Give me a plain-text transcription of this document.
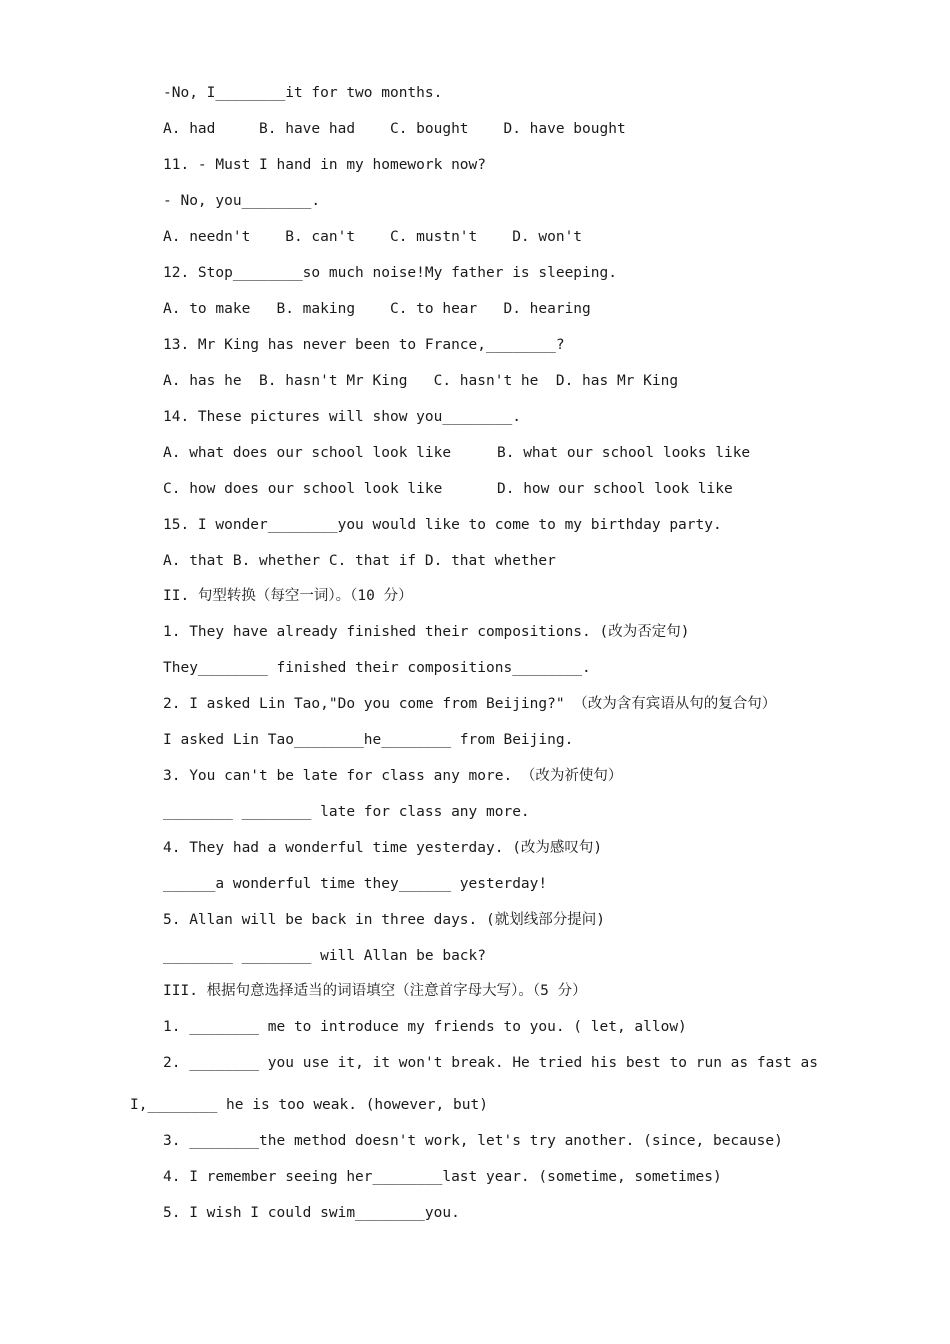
-No, I________it for two months.
A. had     B. have had    C. bought    D. have bought
11. - Must I hand in my homework now?
- No, you________.
A. needn't    B. can't    C. mustn't    D. won't
12. Stop________so much noise!My father is sleeping.
A. to make   B. making    C. to hear   D. hearing
13. Mr King has never been to France,________?
A. has he  B. hasn't Mr King   C. hasn't he  D. has Mr King
14. These pictures will show you________.
A. what does our school look like	B. what our school looks like
C. how does our school look like	D. how our school look like
15. I wonder________you would like to come to my birthday party.
A. that B. whether C. that if D. that whether
II. 句型转换（每空一词）。（10 分）
1. They have already finished their compositions. (改为否定句)
They________ finished their compositions________.
2. I asked Lin Tao,"Do you come from Beijing?" （改为含有宾语从句的复合句）
I asked Lin Tao________he________ from Beijing.
3. You can't be late for class any more. （改为祈使句）
________ ________ late for class any more.
4. They had a wonderful time yesterday. (改为感叹句)
______a wonderful time they______ yesterday!
5. Allan will be back in three days. (就划线部分提问)
________ ________ will Allan be back?
III. 根据句意选择适当的词语填空（注意首字母大写）。（5 分）
1. ________ me to introduce my friends to you. ( let, allow)
2. ________ you use it, it won't break. He tried his best to run as fast as
I,________ he is too weak. (however, but)
3. ________the method doesn't work, let's try another. (since, because)
4. I remember seeing her________last year. (sometime, sometimes)
5. I wish I could swim________you.
